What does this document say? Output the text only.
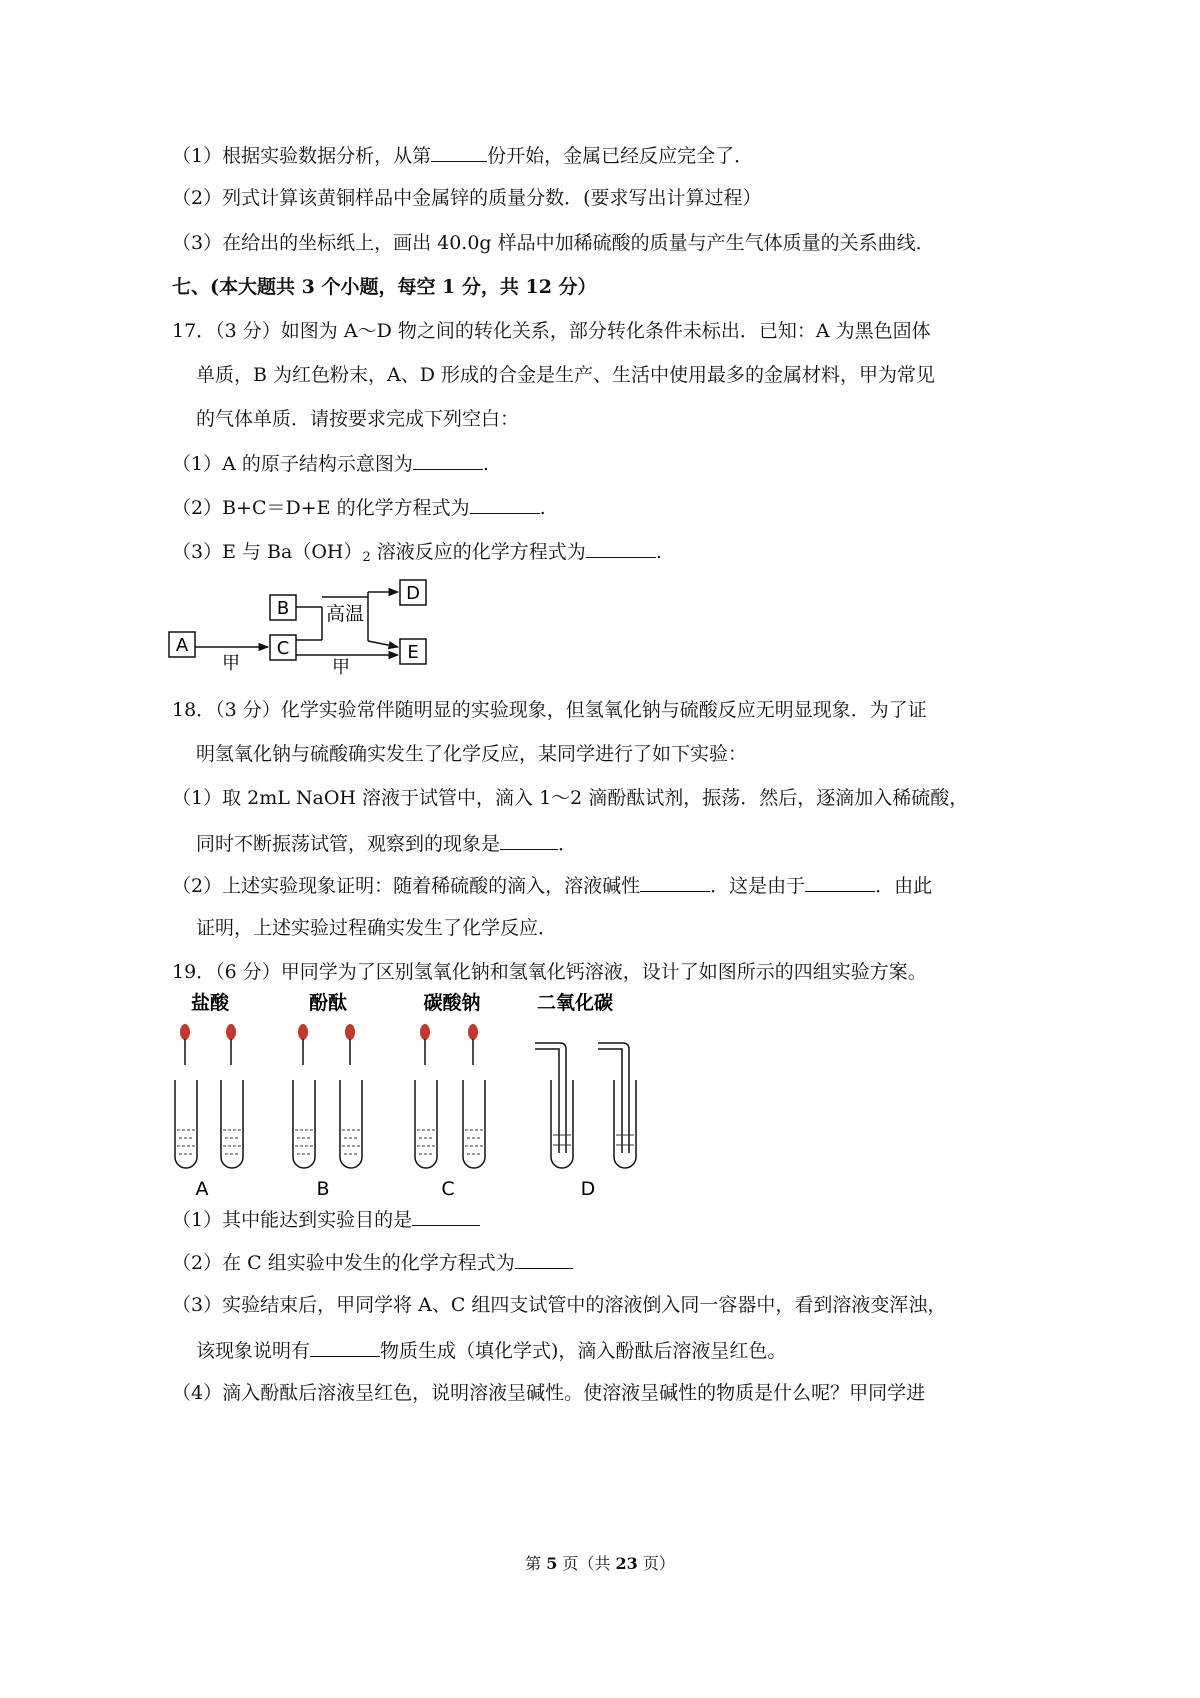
（1）根据实验数据分析，从第	份开始，金属已经反应完全了．
（2）列式计算该黄铜样品中金属锌的质量分数．(要求写出计算过程）
（3）在给出的坐标纸上，画出 40.0g 样品中加稀硫酸的质量与产生气体质量的关系曲线．
七、(本大题共 3 个小题，每空 1 分，共 12 分）
17．（3 分）如图为 A～D 物之间的转化关系，部分转化条件未标出．已知：A 为黑色固体
单质，B 为红色粉末，A、D 形成的合金是生产、生活中使用最多的金属材料，甲为常见
的气体单质．请按要求完成下列空白：
（1）A 的原子结构示意图为	.
（2）B+C＝D+E 的化学方程式为	.
（3）E 与 $Ba(OH)_2$ 溶液反应的化学方程式为	.
A
B
C
D
E
甲
高温
甲
18．（3 分）化学实验常伴随明显的实验现象，但氢氧化钠与硫酸反应无明显现象．为了证
明氢氧化钠与硫酸确实发生了化学反应，某同学进行了如下实验：
（1）取 2mL NaOH 溶液于试管中，滴入 1～2 滴酚酞试剂，振荡．然后，逐滴加入稀硫酸，
同时不断振荡试管，观察到的现象是	．
（2）上述实验现象证明：随着稀硫酸的滴入，溶液碱性	．这是由于	．由此
证明，上述实验过程确实发生了化学反应．
19．（6 分）甲同学为了区别氢氧化钠和氢氧化钙溶液，设计了如图所示的四组实验方案。
盐酸	酚酞	碳酸钠	二氧化碳
A	B	C	D
（1）其中能达到实验目的是
（2）在 C 组实验中发生的化学方程式为
（3）实验结束后，甲同学将 A、C 组四支试管中的溶液倒入同一容器中，看到溶液变浑浊，
该现象说明有	物质生成（填化学式)，滴入酚酞后溶液呈红色。
（4）滴入酚酞后溶液呈红色，说明溶液呈碱性。使溶液呈碱性的物质是什么呢？甲同学进
第 5 页（共 23 页）
